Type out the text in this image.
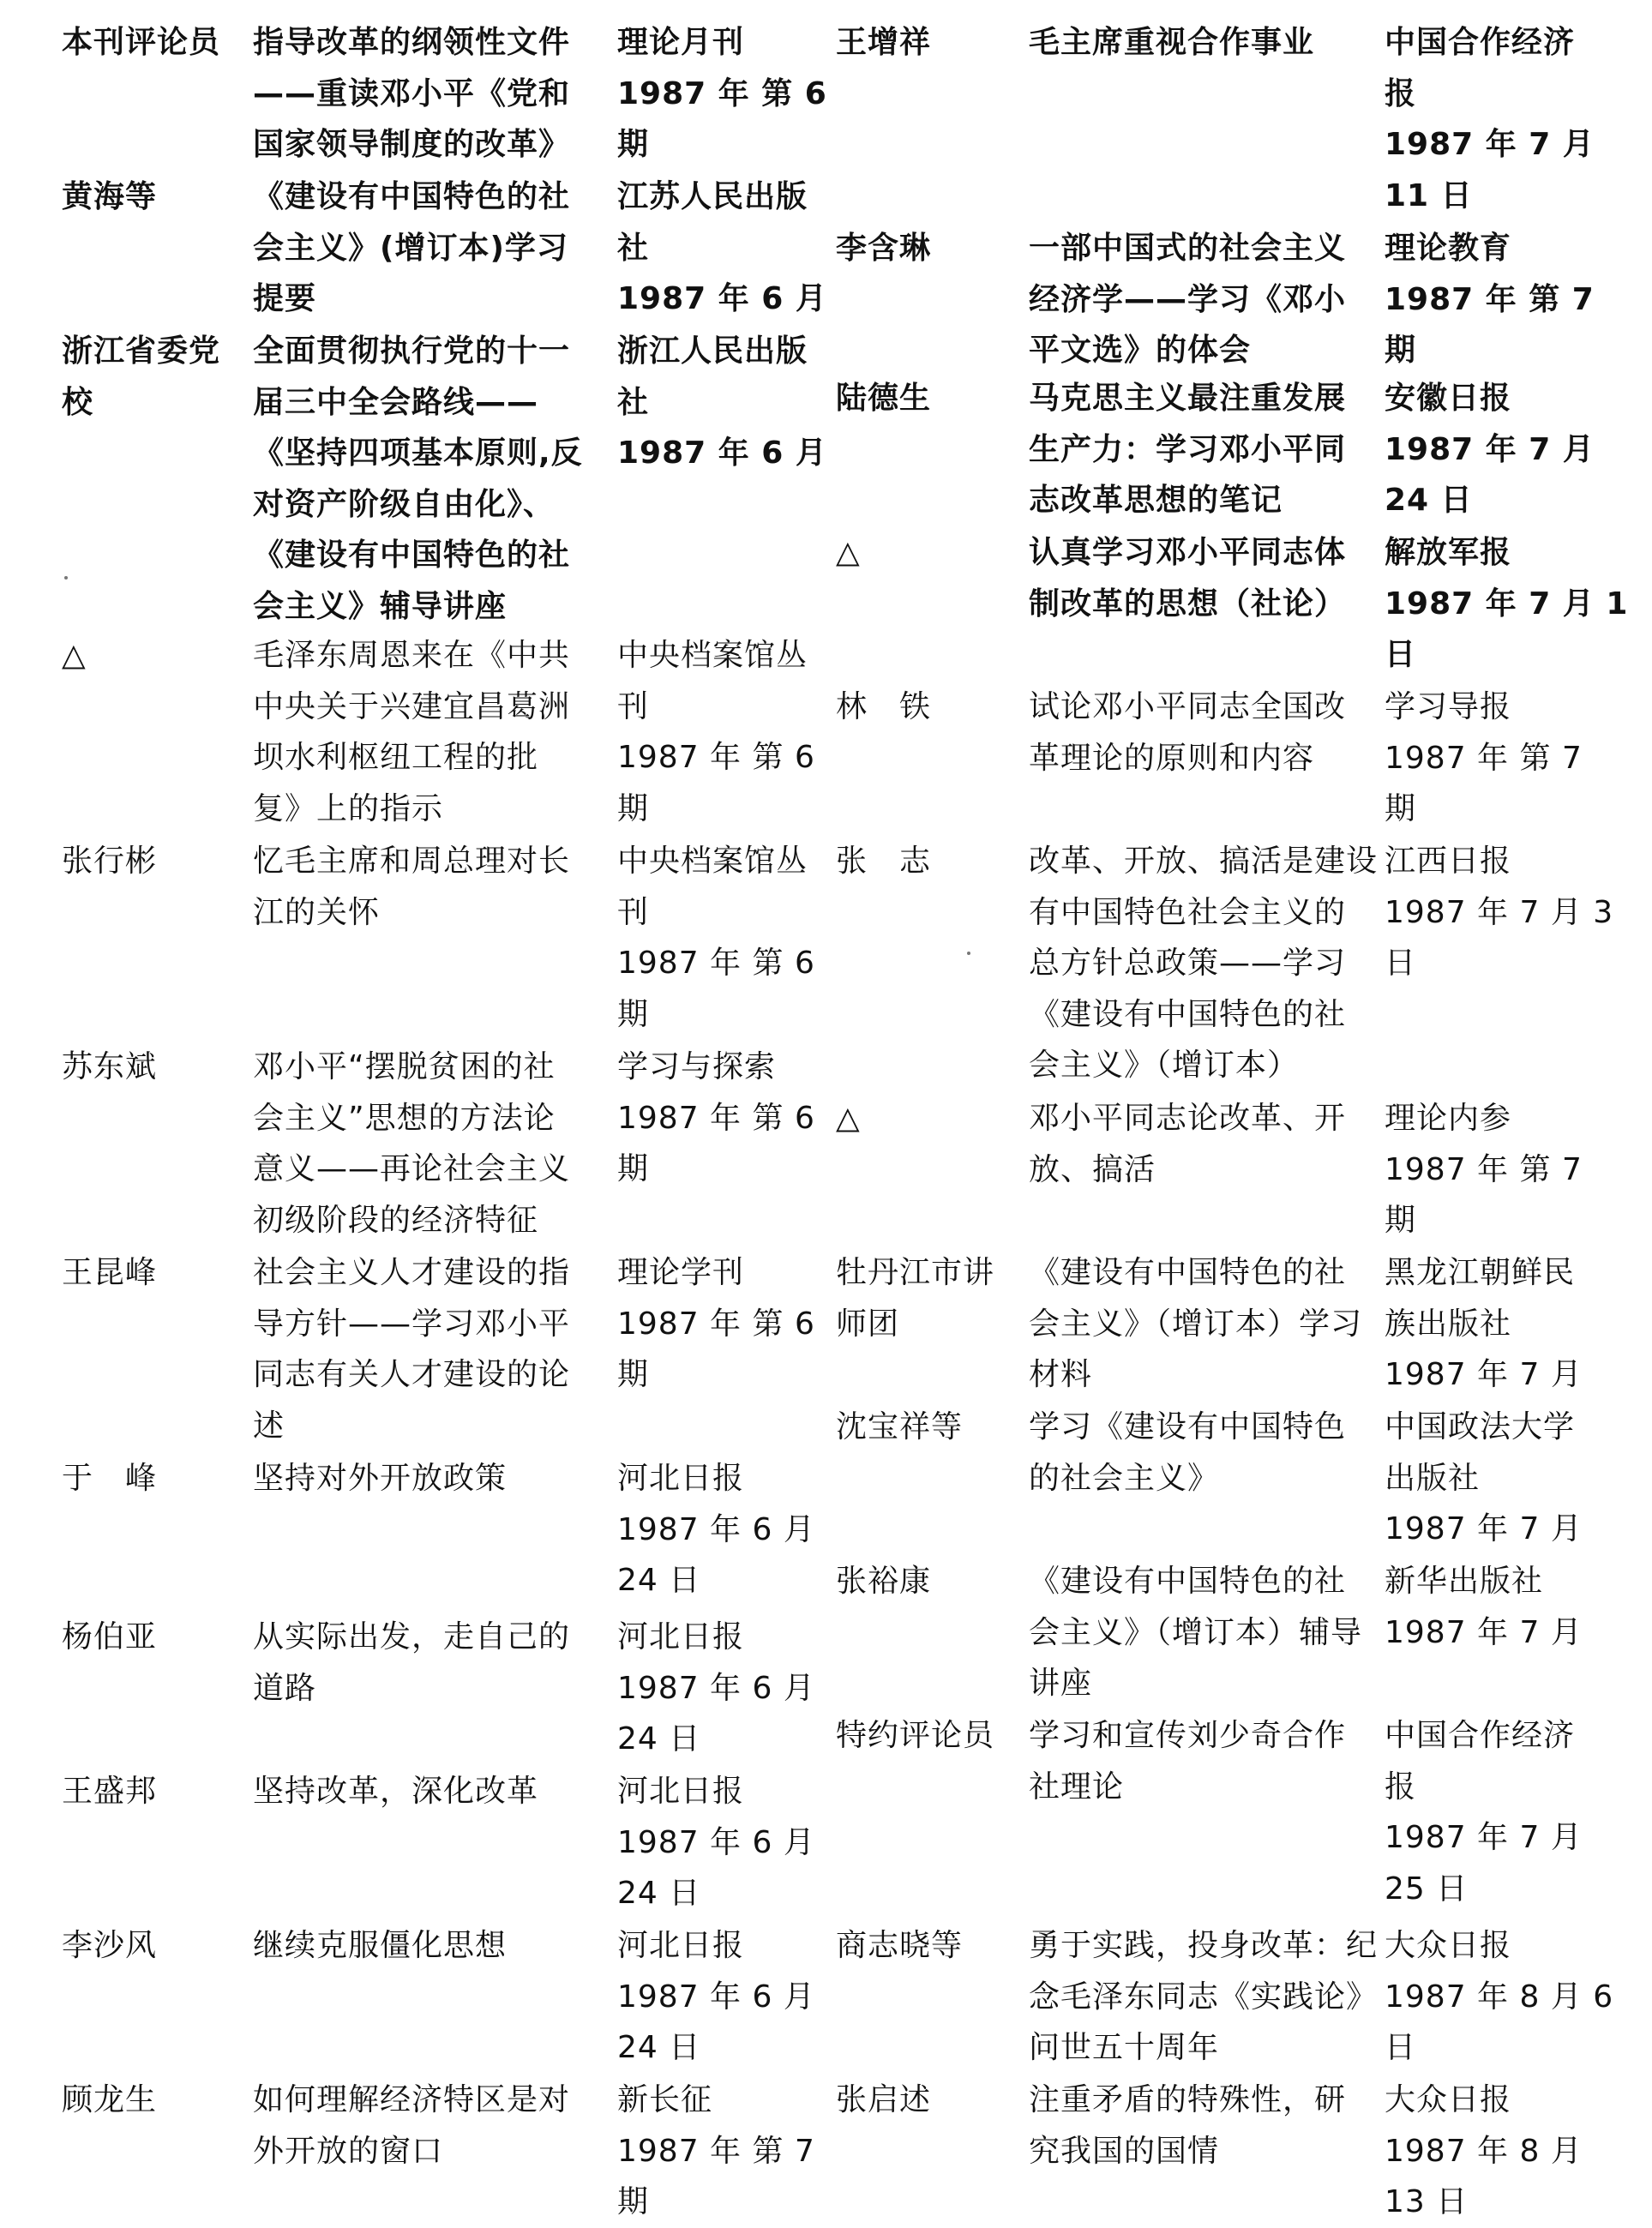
本刊评论员
黄海等
浙江省委党
校
△
张行彬
苏东斌
王昆峰
于　峰
杨伯亚
王盛邦
李沙风
顾龙生
指导改革的纲领性文件
——重读邓小平《党和
国家领导制度的改革》
《建设有中国特色的社
会主义》(增订本)学习
提要
全面贯彻执行党的十一
届三中全会路线——
《坚持四项基本原则,反
对资产阶级自由化》、
《建设有中国特色的社
会主义》辅导讲座
毛泽东周恩来在《中共
中央关于兴建宜昌葛洲
坝水利枢纽工程的批
复》上的指示
忆毛主席和周总理对长
江的关怀
邓小平“摆脱贫困的社
会主义”思想的方法论
意义——再论社会主义
初级阶段的经济特征
社会主义人才建设的指
导方针——学习邓小平
同志有关人才建设的论
述
坚持对外开放政策
从实际出发，走自己的
道路
坚持改革，深化改革
继续克服僵化思想
如何理解经济特区是对
外开放的窗口
理论月刊
1987 年 第 6
期
江苏人民出版
社
1987 年 6 月
浙江人民出版
社
1987 年 6 月
中央档案馆丛
刊
1987 年 第 6
期
中央档案馆丛
刊
1987 年 第 6
期
学习与探索
1987 年 第 6
期
理论学刊
1987 年 第 6
期
河北日报
1987 年 6 月
24 日
河北日报
1987 年 6 月
24 日
河北日报
1987 年 6 月
24 日
河北日报
1987 年 6 月
24 日
新长征
1987 年 第 7
期
王增祥
李含琳
陆德生
△
林　铁
张　志
△
牡丹江市讲
师团
沈宝祥等
张裕康
特约评论员
商志晓等
张启述
毛主席重视合作事业
一部中国式的社会主义
经济学——学习《邓小
平文选》的体会
马克思主义最注重发展
生产力：学习邓小平同
志改革思想的笔记
认真学习邓小平同志体
制改革的思想（社论）
试论邓小平同志全国改
革理论的原则和内容
改革、开放、搞活是建设
有中国特色社会主义的
总方针总政策——学习
《建设有中国特色的社
会主义》（增订本）
邓小平同志论改革、开
放、搞活
《建设有中国特色的社
会主义》（增订本）学习
材料
学习《建设有中国特色
的社会主义》
《建设有中国特色的社
会主义》（增订本）辅导
讲座
学习和宣传刘少奇合作
社理论
勇于实践，投身改革：纪
念毛泽东同志《实践论》
问世五十周年
注重矛盾的特殊性，研
究我国的国情
中国合作经济
报
1987 年 7 月
11 日
理论教育
1987 年 第 7
期
安徽日报
1987 年 7 月
24 日
解放军报
1987 年 7 月 1
日
学习导报
1987 年 第 7
期
江西日报
1987 年 7 月 3
日
理论内参
1987 年 第 7
期
黑龙江朝鲜民
族出版社
1987 年 7 月
中国政法大学
出版社
1987 年 7 月
新华出版社
1987 年 7 月
中国合作经济
报
1987 年 7 月
25 日
大众日报
1987 年 8 月 6
日
大众日报
1987 年 8 月
13 日
